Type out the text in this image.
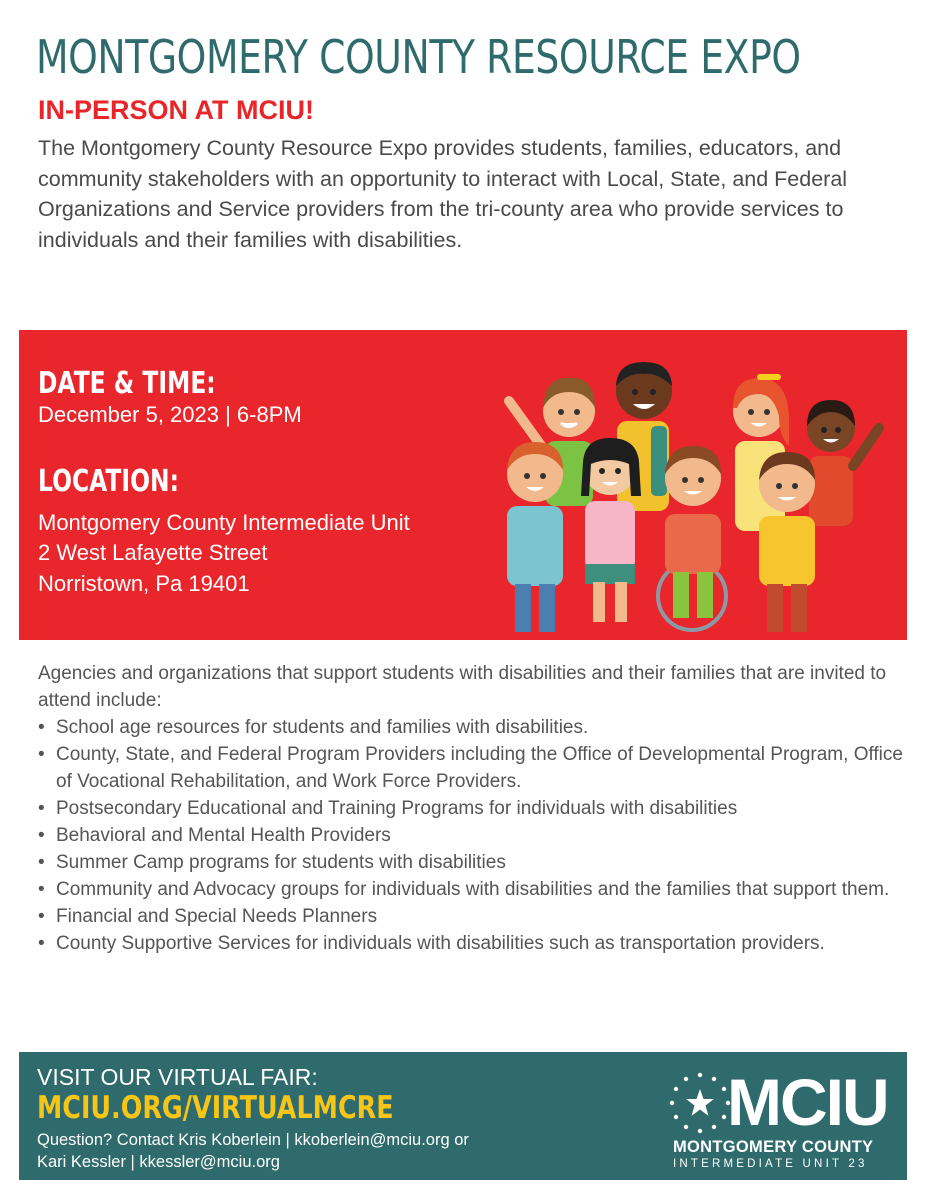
MONTGOMERY COUNTY RESOURCE EXPO

IN-PERSON AT MCIU!

The Montgomery County Resource Expo provides students, families, educators, and community stakeholders with an opportunity to interact with Local, State, and Federal Organizations and Service providers from the tri-county area who provide services to individuals and their families with disabilities.

DATE & TIME:

December 5, 2023 | 6-8PM

LOCATION:

Montgomery County Intermediate Unit

2 West Lafayette Street

Norristown, Pa 19401

Agencies and organizations that support students with disabilities and their families that are invited to attend include:

• School age resources for students and families with disabilities.
• County, State, and Federal Program Providers including the Office of Developmental Program, Office of Vocational Rehabilitation, and Work Force Providers.
• Postsecondary Educational and Training Programs for individuals with disabilities
• Behavioral and Mental Health Providers
• Summer Camp programs for students with disabilities
• Community and Advocacy groups for individuals with disabilities and the families that support them.
• Financial and Special Needs Planners
• County Supportive Services for individuals with disabilities such as transportation providers.

VISIT OUR VIRTUAL FAIR:

MCIU.ORG/VIRTUALMCRE

Question? Contact Kris Koberlein | kkoberlein@mciu.org or
Kari Kessler | kkessler@mciu.org

MCIU

MONTGOMERY COUNTY

INTERMEDIATE UNIT 23
